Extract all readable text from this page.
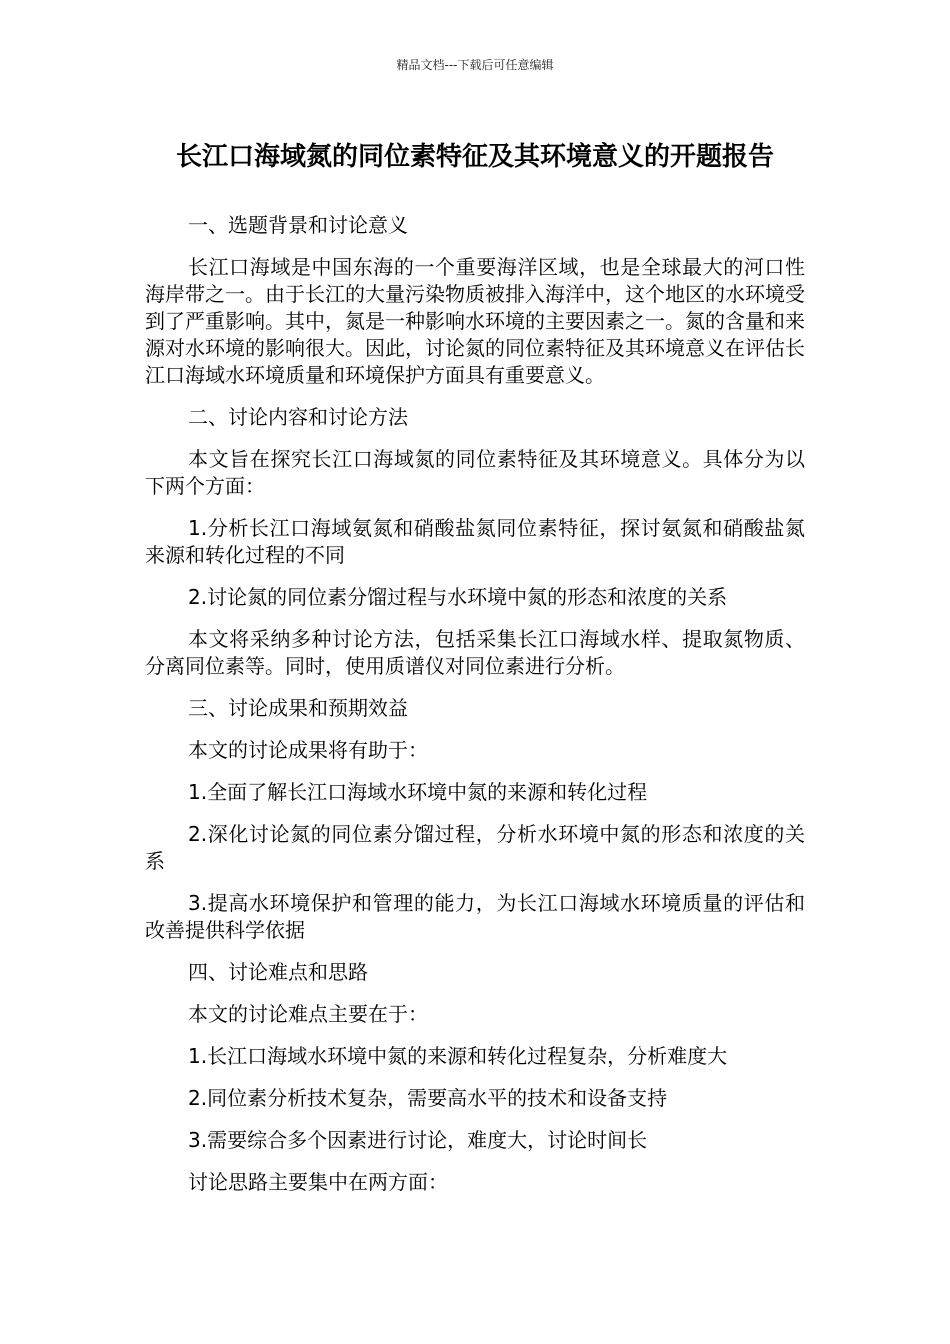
精品文档---下载后可任意编辑
长江口海域氮的同位素特征及其环境意义的开题报告

一、选题背景和讨论意义

长江口海域是中国东海的一个重要海洋区域，也是全球最大的河口性海岸带之一。由于长江的大量污染物质被排入海洋中，这个地区的水环境受到了严重影响。其中，氮是一种影响水环境的主要因素之一。氮的含量和来源对水环境的影响很大。因此，讨论氮的同位素特征及其环境意义在评估长江口海域水环境质量和环境保护方面具有重要意义。

二、讨论内容和讨论方法

本文旨在探究长江口海域氮的同位素特征及其环境意义。具体分为以下两个方面：

1.分析长江口海域氨氮和硝酸盐氮同位素特征，探讨氨氮和硝酸盐氮来源和转化过程的不同

2.讨论氮的同位素分馏过程与水环境中氮的形态和浓度的关系

本文将采纳多种讨论方法，包括采集长江口海域水样、提取氮物质、分离同位素等。同时，使用质谱仪对同位素进行分析。

三、讨论成果和预期效益

本文的讨论成果将有助于：

1.全面了解长江口海域水环境中氮的来源和转化过程

2.深化讨论氮的同位素分馏过程，分析水环境中氮的形态和浓度的关系

3.提高水环境保护和管理的能力，为长江口海域水环境质量的评估和改善提供科学依据

四、讨论难点和思路

本文的讨论难点主要在于：

1.长江口海域水环境中氮的来源和转化过程复杂，分析难度大

2.同位素分析技术复杂，需要高水平的技术和设备支持

3.需要综合多个因素进行讨论，难度大，讨论时间长

讨论思路主要集中在两方面：
